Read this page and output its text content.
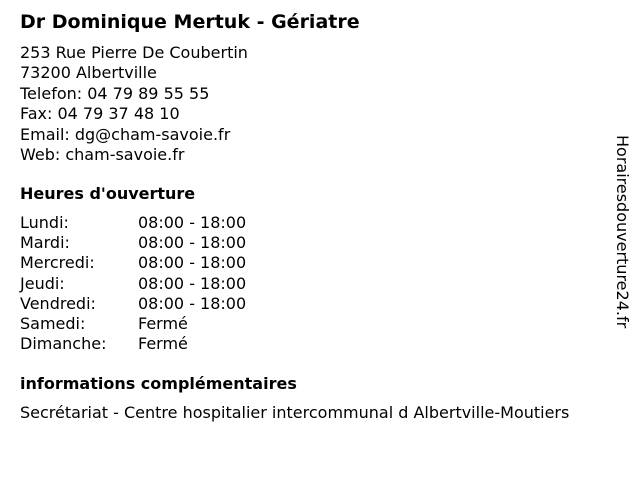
Dr Dominique Mertuk - Gériatre
253 Rue Pierre De Coubertin
73200 Albertville
Telefon: 04 79 89 55 55
Fax: 04 79 37 48 10
Email: dg@cham-savoie.fr
Web: cham-savoie.fr
Heures d'ouverture
Lundi:	08:00 - 18:00
Mardi:	08:00 - 18:00
Mercredi:	08:00 - 18:00
Jeudi:	08:00 - 18:00
Vendredi:	08:00 - 18:00
Samedi:	Fermé
Dimanche: Fermé
informations complémentaires
Secrétariat - Centre hospitalier intercommunal d Albertville-Moutiers
Horairesdouverture24.fr
